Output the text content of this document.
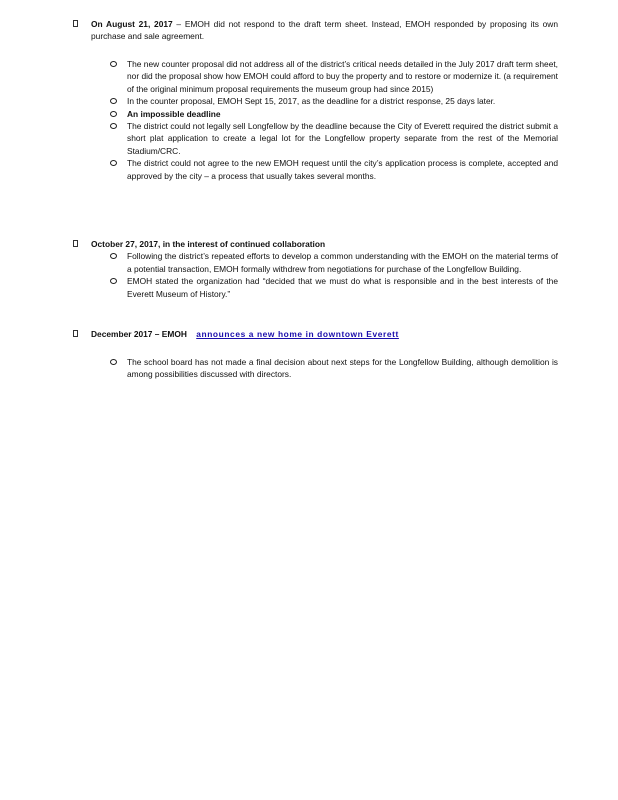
On August 21, 2017 – EMOH did not respond to the draft term sheet. Instead, EMOH responded by proposing its own purchase and sale agreement.
The new counter proposal did not address all of the district’s critical needs detailed in the July 2017 draft term sheet, nor did the proposal show how EMOH could afford to buy the property and to restore or modernize it. (a requirement of the original minimum proposal requirements the museum group had since 2015)
In the counter proposal, EMOH Sept 15, 2017, as the deadline for a district response, 25 days later.
An impossible deadline
The district could not legally sell Longfellow by the deadline because the City of Everett required the district submit a short plat application to create a legal lot for the Longfellow property separate from the rest of the Memorial Stadium/CRC.
The district could not agree to the new EMOH request until the city’s application process is complete, accepted and approved by the city – a process that usually takes several months.
October 27, 2017, in the interest of continued collaboration
Following the district’s repeated efforts to develop a common understanding with the EMOH on the material terms of a potential transaction, EMOH formally withdrew from negotiations for purchase of the Longfellow Building.
EMOH stated the organization had “decided that we must do what is responsible and in the best interests of the Everett Museum of History.”
December 2017 – EMOH announces a new home in downtown Everett
The school board has not made a final decision about next steps for the Longfellow Building, although demolition is among possibilities discussed with directors.
